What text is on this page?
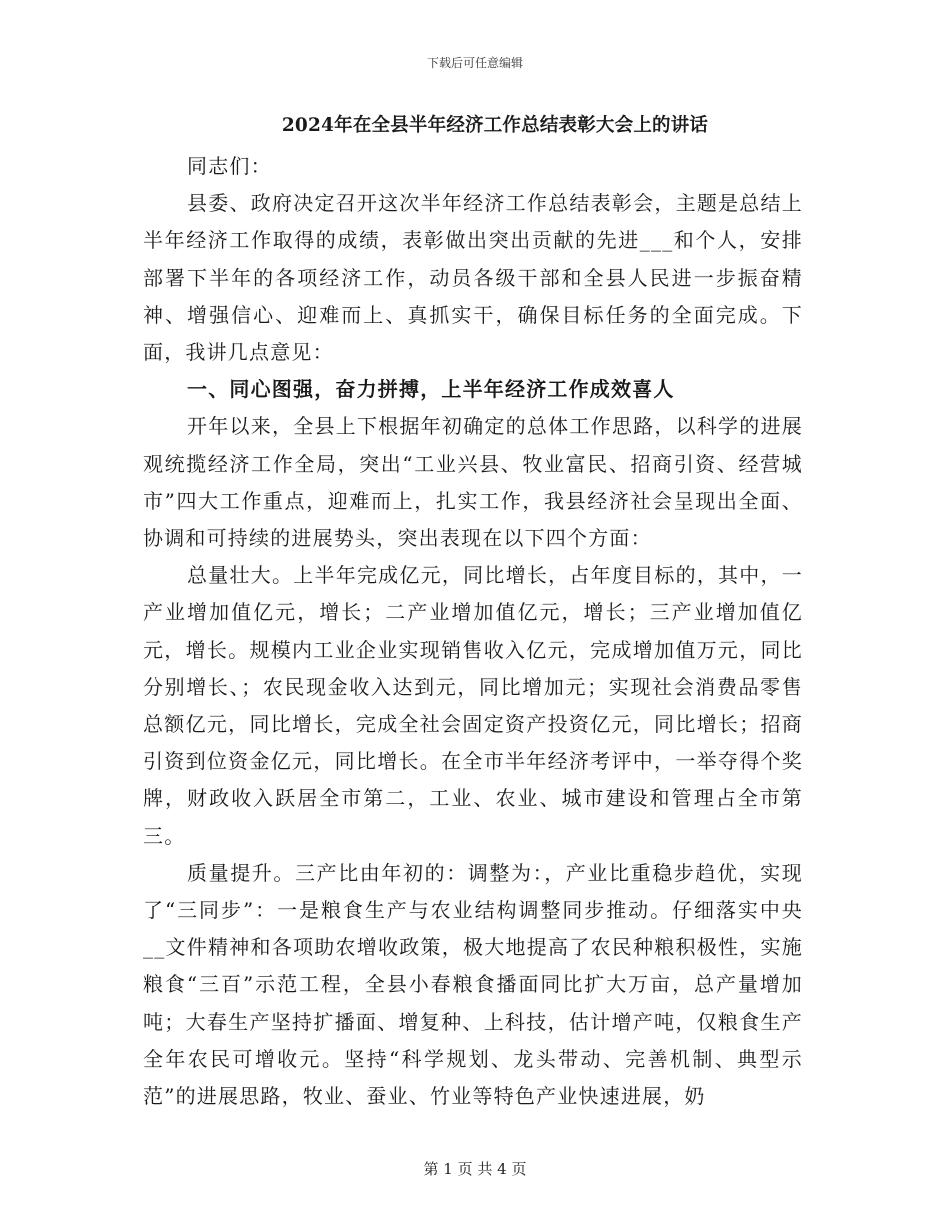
下载后可任意编辑
2024年在全县半年经济工作总结表彰大会上的讲话

同志们：

县委、政府决定召开这次半年经济工作总结表彰会，主题是总结上半年经济工作取得的成绩，表彰做出突出贡献的先进___和个人，安排部署下半年的各项经济工作，动员各级干部和全县人民进一步振奋精神、增强信心、迎难而上、真抓实干，确保目标任务的全面完成。下面，我讲几点意见：

一、同心图强，奋力拼搏，上半年经济工作成效喜人

开年以来，全县上下根据年初确定的总体工作思路，以科学的进展观统揽经济工作全局，突出“工业兴县、牧业富民、招商引资、经营城市”四大工作重点，迎难而上，扎实工作，我县经济社会呈现出全面、协调和可持续的进展势头，突出表现在以下四个方面：

总量壮大。上半年完成亿元，同比增长，占年度目标的，其中，一产业增加值亿元，增长；二产业增加值亿元，增长；三产业增加值亿元，增长。规模内工业企业实现销售收入亿元，完成增加值万元，同比分别增长、；农民现金收入达到元，同比增加元；实现社会消费品零售总额亿元，同比增长，完成全社会固定资产投资亿元，同比增长；招商引资到位资金亿元，同比增长。在全市半年经济考评中，一举夺得个奖牌，财政收入跃居全市第二，工业、农业、城市建设和管理占全市第三。

质量提升。三产比由年初的：调整为：，产业比重稳步趋优，实现了“三同步”：一是粮食生产与农业结构调整同步推动。仔细落实中央__文件精神和各项助农增收政策，极大地提高了农民种粮积极性，实施粮食“三百”示范工程，全县小春粮食播面同比扩大万亩，总产量增加吨；大春生产坚持扩播面、增复种、上科技，估计增产吨，仅粮食生产全年农民可增收元。坚持“科学规划、龙头带动、完善机制、典型示范”的进展思路，牧业、蚕业、竹业等特色产业快速进展，奶

第 1 页 共 4 页
